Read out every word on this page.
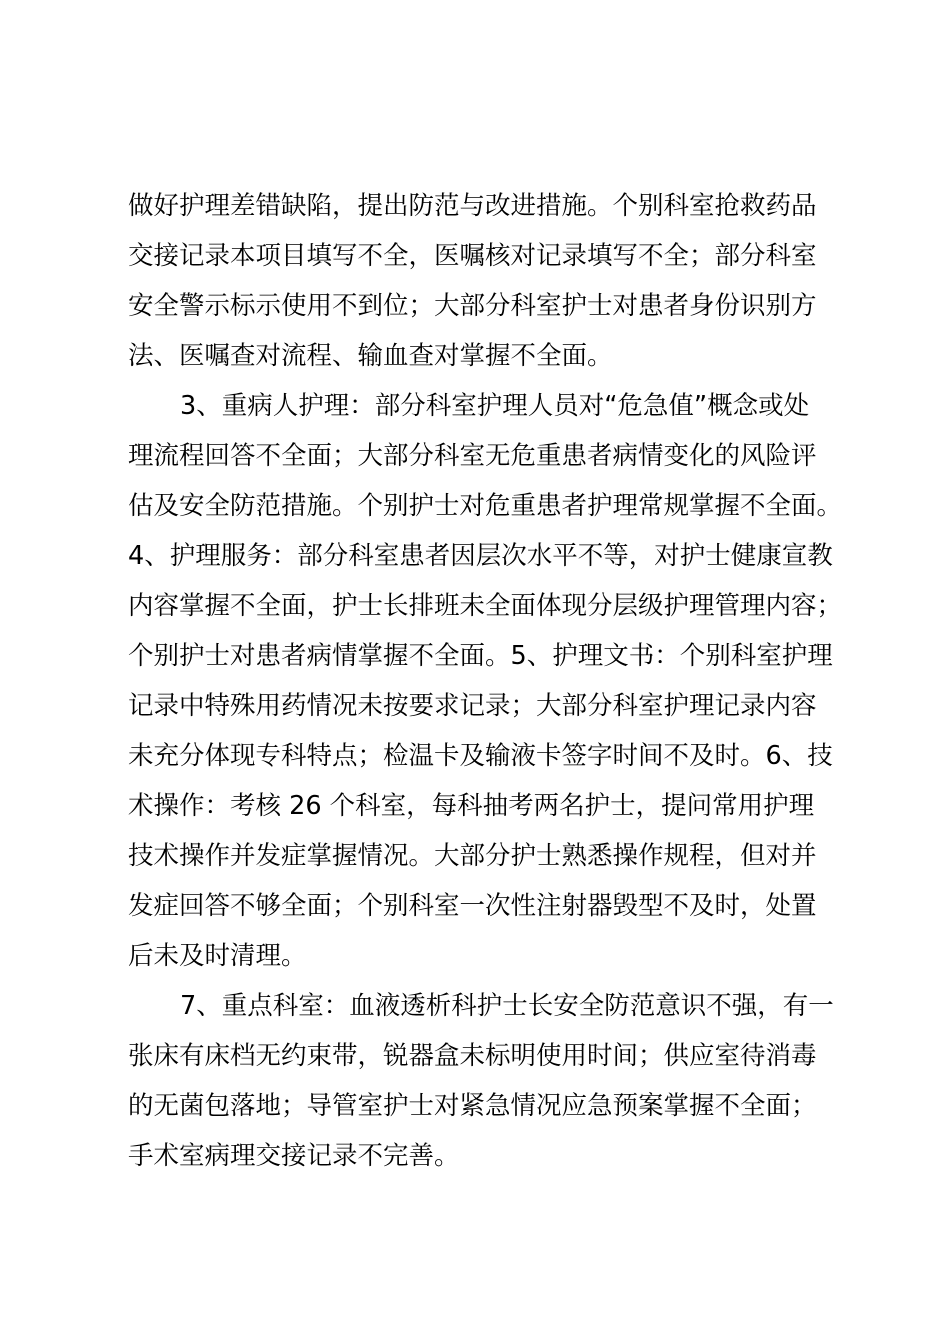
做好护理差错缺陷，提出防范与改进措施。个别科室抢救药品
交接记录本项目填写不全，医嘱核对记录填写不全；部分科室
安全警示标示使用不到位；大部分科室护士对患者身份识别方
法、医嘱查对流程、输血查对掌握不全面。
3、重病人护理：部分科室护理人员对“危急值”概念或处
理流程回答不全面；大部分科室无危重患者病情变化的风险评
估及安全防范措施。个别护士对危重患者护理常规掌握不全面。
4、护理服务：部分科室患者因层次水平不等，对护士健康宣教
内容掌握不全面，护士长排班未全面体现分层级护理管理内容；
个别护士对患者病情掌握不全面。5、护理文书：个别科室护理
记录中特殊用药情况未按要求记录；大部分科室护理记录内容
未充分体现专科特点；检温卡及输液卡签字时间不及时。6、技
术操作：考核 26 个科室，每科抽考两名护士，提问常用护理
技术操作并发症掌握情况。大部分护士熟悉操作规程，但对并
发症回答不够全面；个别科室一次性注射器毁型不及时，处置
后未及时清理。
7、重点科室：血液透析科护士长安全防范意识不强，有一
张床有床档无约束带，锐器盒未标明使用时间；供应室待消毒
的无菌包落地；导管室护士对紧急情况应急预案掌握不全面；
手术室病理交接记录不完善。
